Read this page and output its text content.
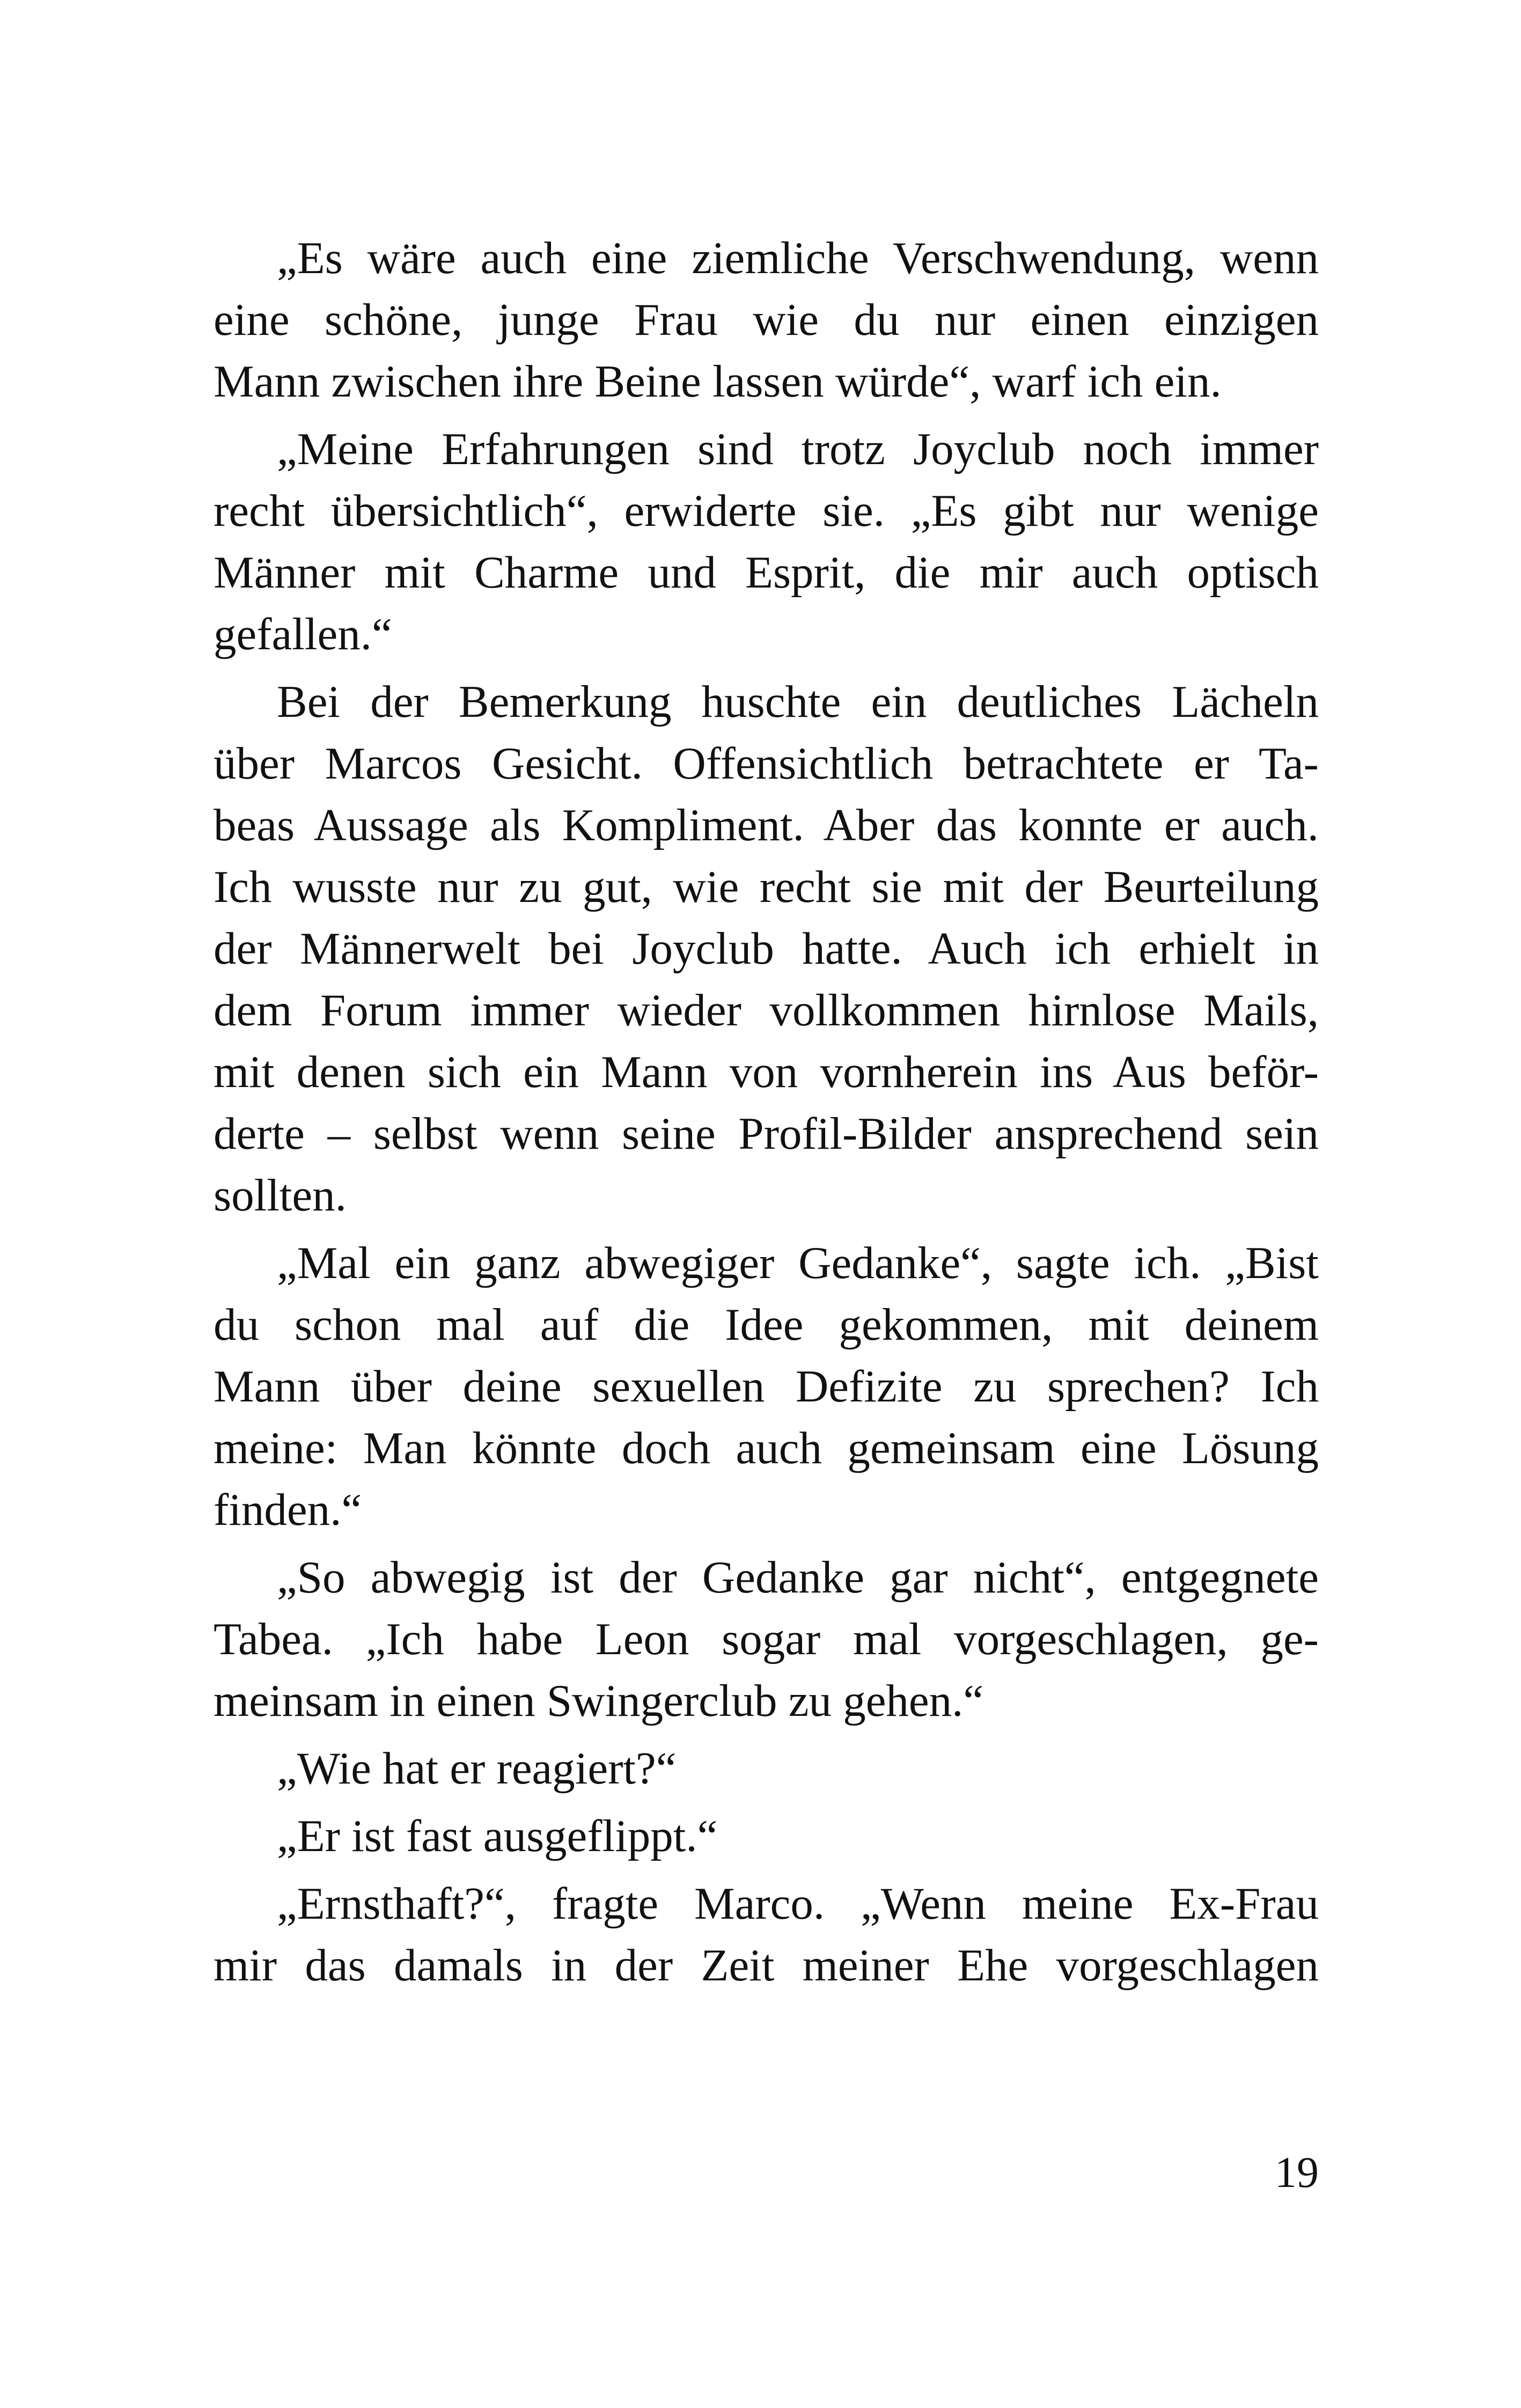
„Es wäre auch eine ziemliche Verschwendung, wenn
eine schöne, junge Frau wie du nur einen einzigen
Mann zwischen ihre Beine lassen würde“, warf ich ein.
„Meine Erfahrungen sind trotz Joyclub noch immer
recht übersichtlich“, erwiderte sie. „Es gibt nur wenige
Männer mit Charme und Esprit, die mir auch optisch
gefallen.“
Bei der Bemerkung huschte ein deutliches Lächeln
über Marcos Gesicht. Offensichtlich betrachtete er Ta-
beas Aussage als Kompliment. Aber das konnte er auch.
Ich wusste nur zu gut, wie recht sie mit der Beurteilung
der Männerwelt bei Joyclub hatte. Auch ich erhielt in
dem Forum immer wieder vollkommen hirnlose Mails,
mit denen sich ein Mann von vornherein ins Aus beför-
derte – selbst wenn seine Profil-Bilder ansprechend sein
sollten.
„Mal ein ganz abwegiger Gedanke“, sagte ich. „Bist
du schon mal auf die Idee gekommen, mit deinem
Mann über deine sexuellen Defizite zu sprechen? Ich
meine: Man könnte doch auch gemeinsam eine Lösung
finden.“
„So abwegig ist der Gedanke gar nicht“, entgegnete
Tabea. „Ich habe Leon sogar mal vorgeschlagen, ge-
meinsam in einen Swingerclub zu gehen.“
„Wie hat er reagiert?“
„Er ist fast ausgeflippt.“
„Ernsthaft?“, fragte Marco. „Wenn meine Ex-Frau
mir das damals in der Zeit meiner Ehe vorgeschlagen
19
